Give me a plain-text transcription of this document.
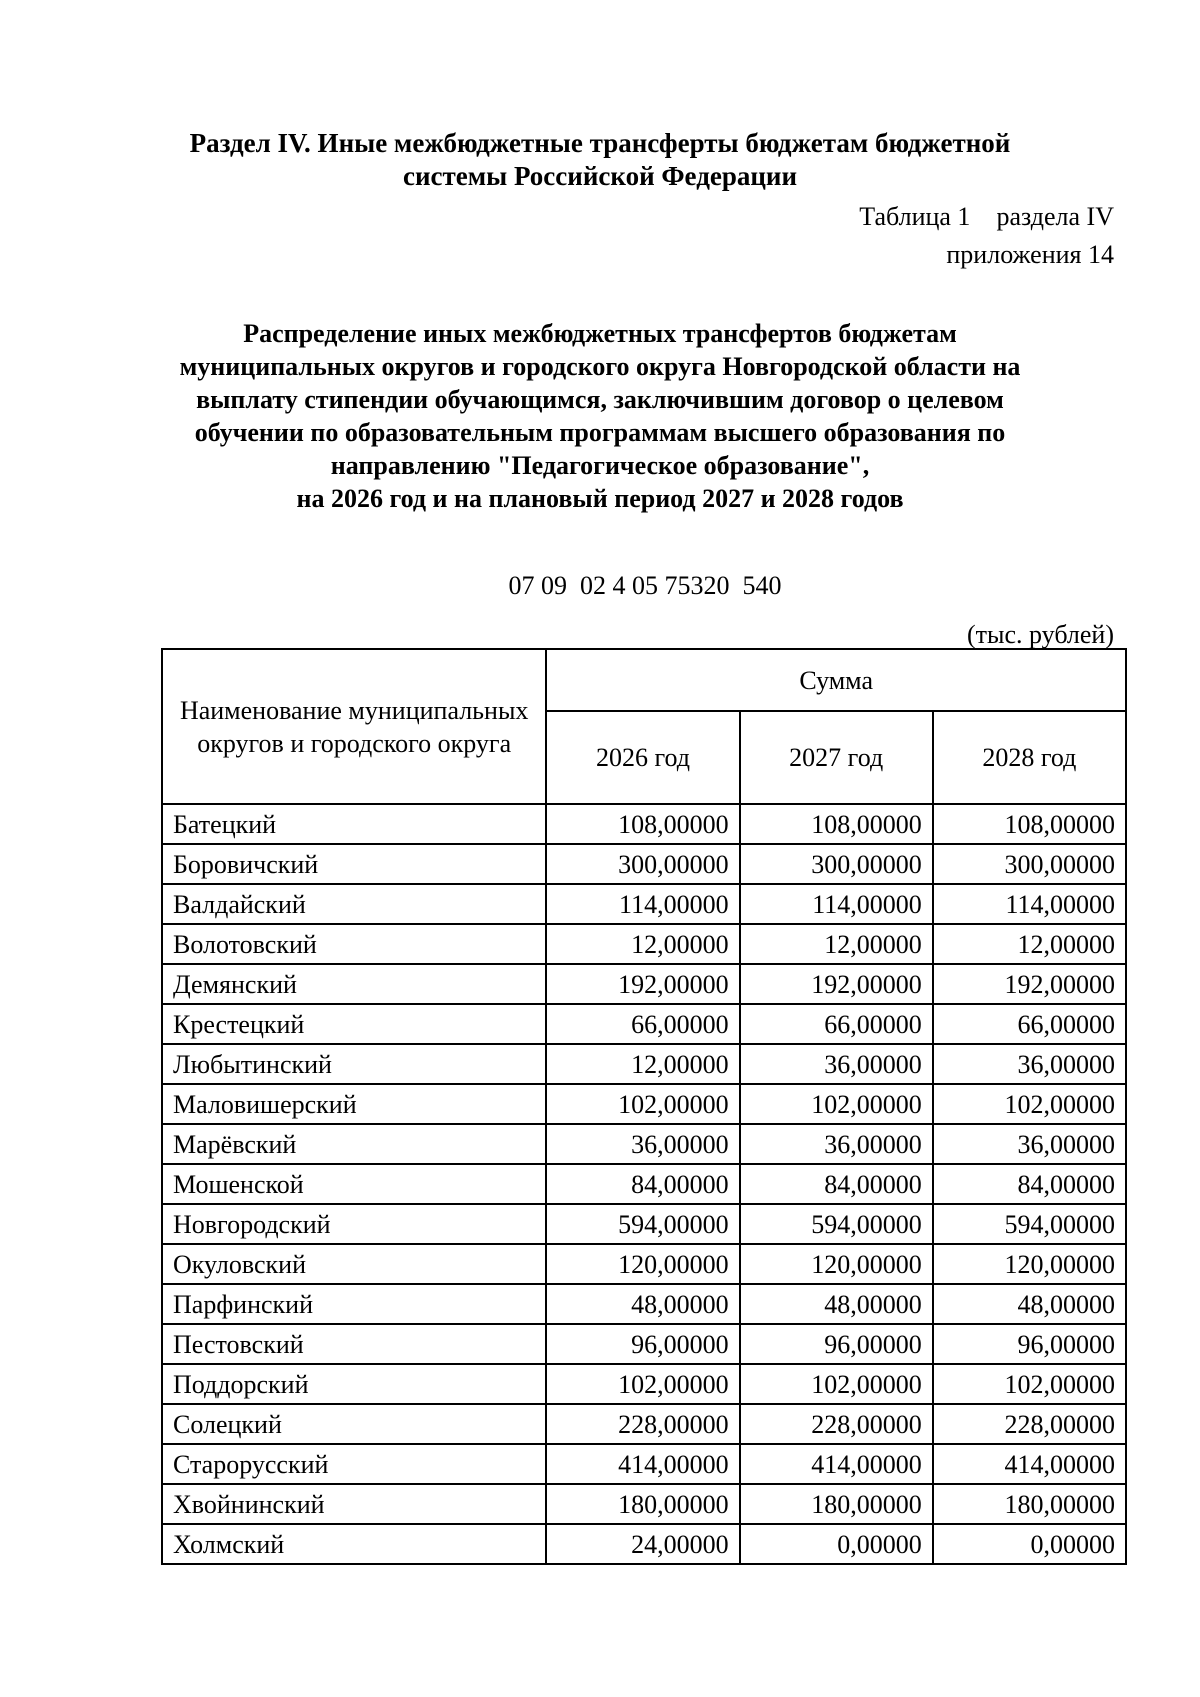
Раздел IV. Иные межбюджетные трансферты бюджетам бюджетной
системы Российской Федерации
Таблица 1 раздела IV
приложения 14
Распределение иных межбюджетных трансфертов бюджетам
муниципальных округов и городского округа Новгородской области на
выплату стипендии обучающимся, заключившим договор о целевом
обучении по образовательным программам высшего образования по
направлению "Педагогическое образование",
на 2026 год и на плановый период 2027 и 2028 годов
07 09  02 4 05 75320  540
(тыс. рублей)
Наименование муниципальных округов и городского округа	Сумма		
	2026 год	2027 год	2028 год
Батецкий	108,00000	108,00000	108,00000
Боровичский	300,00000	300,00000	300,00000
Валдайский	114,00000	114,00000	114,00000
Волотовский	12,00000	12,00000	12,00000
Демянский	192,00000	192,00000	192,00000
Крестецкий	66,00000	66,00000	66,00000
Любытинский	12,00000	36,00000	36,00000
Маловишерский	102,00000	102,00000	102,00000
Марёвский	36,00000	36,00000	36,00000
Мошенской	84,00000	84,00000	84,00000
Новгородский	594,00000	594,00000	594,00000
Окуловский	120,00000	120,00000	120,00000
Парфинский	48,00000	48,00000	48,00000
Пестовский	96,00000	96,00000	96,00000
Поддорский	102,00000	102,00000	102,00000
Солецкий	228,00000	228,00000	228,00000
Старорусский	414,00000	414,00000	414,00000
Хвойнинский	180,00000	180,00000	180,00000
Холмский	24,00000	0,00000	0,00000
